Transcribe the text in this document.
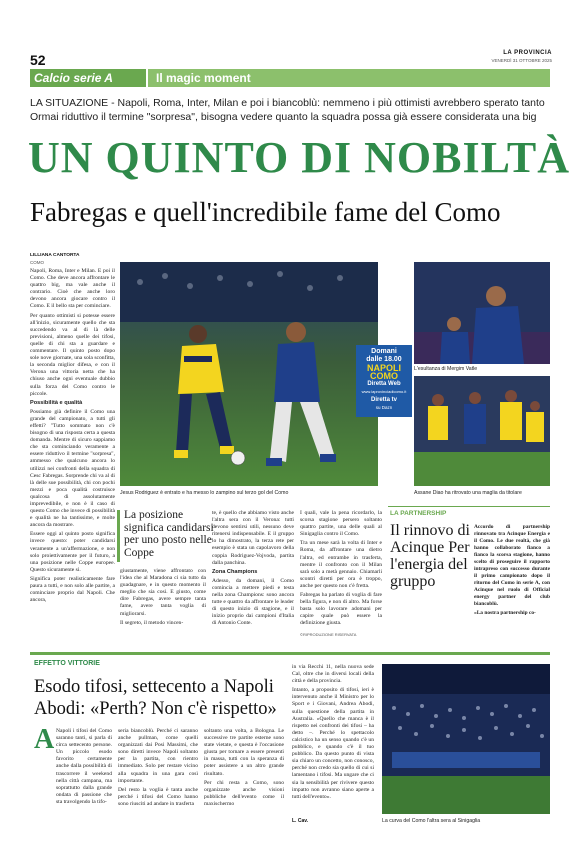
52	LA PROVINCIA
VENERDÌ 31 OTTOBRE 2025
Calcio serie A	Il magic moment
LA SITUAZIONE - Napoli, Roma, Inter, Milan e poi i biancoblù: nemmeno i più ottimisti avrebbero sperato tanto
Ormai riduttivo il termine "sorpresa", bisogna vedere quanto la squadra possa già essere considerata una big
UN QUINTO DI NOBILTÀ
Fabregas e quell'incredibile fame del Como
LILLIANA CANTORTA
COMO

Napoli, Roma, Inter e Milan. E poi il Como. Che deve ancora affrontare le quattro big, ma vale anche il contrario. Cioè che anche loro devono ancora giocare contro il Como. E il bello sta per cominciare.

Per quanto ottimisti si potesse essere all'inizio, sicuramente quello che sta succedendo va al di là delle previsioni, almeno quelle dei tifosi, quelle di chi sta a guardare e commentare. Il quinto posto dopo sole nove giornate, una sola sconfitta, la seconda miglior difesa, e con il Verona una vittoria netta che ha chiuso anche ogni eventuale dubbio sulla forza del Como contro le piccole.

Possibilità e qualità

Possiamo già definire il Como una grande del campionato, a tutti gli effetti? "Tutto sommato non c'è bisogno di una risposta certa a questa domanda. Mentre di sicuro sappiamo che sta cominciando veramente a essere riduttivo il termine "sorpresa", ammesso che qualcuno ancora lo utilizzi nei confronti della squadra di Cesc Fabregas. Sorprende chi va al di là delle sue possibilità, chi con pochi mezzi e poca qualità costruisce qualcosa di assolutamente imprevedibile, e non è il caso di questo Como che invece di possibilità e qualità ne ha tantissime, e molte ancora da mostrare.

Essere oggi al quinto posto significa invece questo: poter candidarsi veramente a un'affermazione, e non solo proiettivamente per il futuro, a una posizione nelle Coppe europee. Questo sicuramente sì.

Significa poter realisticamente fare paura a tutti, e non solo alle partite, a cominciare proprio dal Napoli. Che ancora,

Jesus Rodriguez è entrato e ha messo lo zampino sul terzo gol del Como
Domani
dalle 18.00
NAPOLI
COMO
Diretta Web
www.laprovinciadicomo.it
Diretta tv
su Dazn
L'esultanza di Mergim Vatle
Assane Diao ha ritrovato una maglia da titolare
La posizione significa candidarsi per uno posto nelle Coppe

giustamente, viene affrontato con l'idea che al Maradona ci sia tutto da guadagnare, e in questo momento il meglio che sia così. E giusto, come dire Fabregas, avere sempre tanta fame, avere tanta voglia di migliorarsi.

Il segreto, il metodo vincen-

te, è quello che abbiamo visto anche l'altra sera con il Verona: tutti devono sentirsi utili, nessuno deve ritenersi indispensabile. E il gruppo lo ha dimostrato, la terza rete per esempio è stata un capolavoro della coppia Rodriguez-Vojvoda, partita dalla panchina.

Zona Champions

Adesso, da domani, il Como comincia a mettere piedi e testa nella zona Champions: sono ancora tutte e quattro da affrontare le leader di questo inizio di stagione, e il inizio proprio dai campioni d'Italia di Antonio Conte.

I quali, vale la pena ricordarlo, la scorsa stagione persero soltanto quattro partite, una delle quali al Sinigaglia contro il Como.

Tra un mese sarà la volta di Inter e Roma, da affrontare una dietro l'altra, ed entrambe in trasferta, mentre il confronto con il Milan sarà solo a metà gennaio. Chiamarli scontri diretti per ora è troppo, anche per questo non c'è fretta.

Fabregas ha parlato di voglia di fare bella figura, e non di altro. Ma forse basta solo lavorare adomani per capire quale può essere la definizione giusta.

©RIPRODUZIONE RISERVATA
LA PARTNERSHIP
Il rinnovo di Acinque Per l'energia del gruppo

Accordo di partnership rinnovato tra Acinque Energia e il Como. Le due realtà, che già hanno collaborato fianco a fianco la scorsa stagione, hanno scelto di proseguire il rapporto intrapreso con successo durante il primo campionato dopo il ritorno del Como in serie A, con Acinque nel ruolo di Official energy partner del club biancoblù.

«La nostra partnership co-

EFFETTO VITTORIE
Esodo tifosi, settecento a Napoli
Abodi: «Perth? Non c'è rispetto»
A Napoli i tifosi del Como saranno tanti, si parla di circa settecento persone. Un piccolo esodo favorito certamente anche dalla possibilità di trascorrere il weekend nella città campana, ma soprattutto dalla grande ondata di passione che sta travolgendo la tifo-

seria biancoblù. Perché ci saranno anche pullman, come quelli organizzati dai Posi Massimi, che sono diretti invece Napoli soltanto per la partita, con rientro immediato. Solo per restare vicino alla squadra in una gara così importante.

Del resto la voglia è tanta anche perché i tifosi del Como hanno sono riusciti ad andare in trasferta

soltanto una volta, a Bologna. Le successive tre partite esterne sono state vietate, e questa è l'occasione giusta per tornare a essere presenti in massa, tutti con la speranza di poter assistere a un altro grande risultato.

Per chi resta a Como, sono organizzate anche visioni pubbliche dell'evento come il maxischermo

in via Recchi 11, nella nuova sede Cal, oltre che in diversi locali della città e della provincia.

Intanto, a proposito di tifosi, ieri è intervenuto anche il Ministro per lo Sport e i Giovani, Andrea Abodi, sulla questione della partita in Australia. «Quello che manca è il rispetto nei confronti dei tifosi – ha detto –. Perché lo spettacolo calcistico ha un senso quando c'è un pubblico, e quando c'è il tuo pubblico. Da questo punto di vista sia chiaro un concetto, non conosco, perché non credo sia quello di cui si lamentano i tifosi. Ma ungare che ci sia la sensibilità per rivivere questo impatto non avranno siano aperte a tutti dell'evento».

L. Cav.	La curva del Como l'altra sera al Sinigaglia
